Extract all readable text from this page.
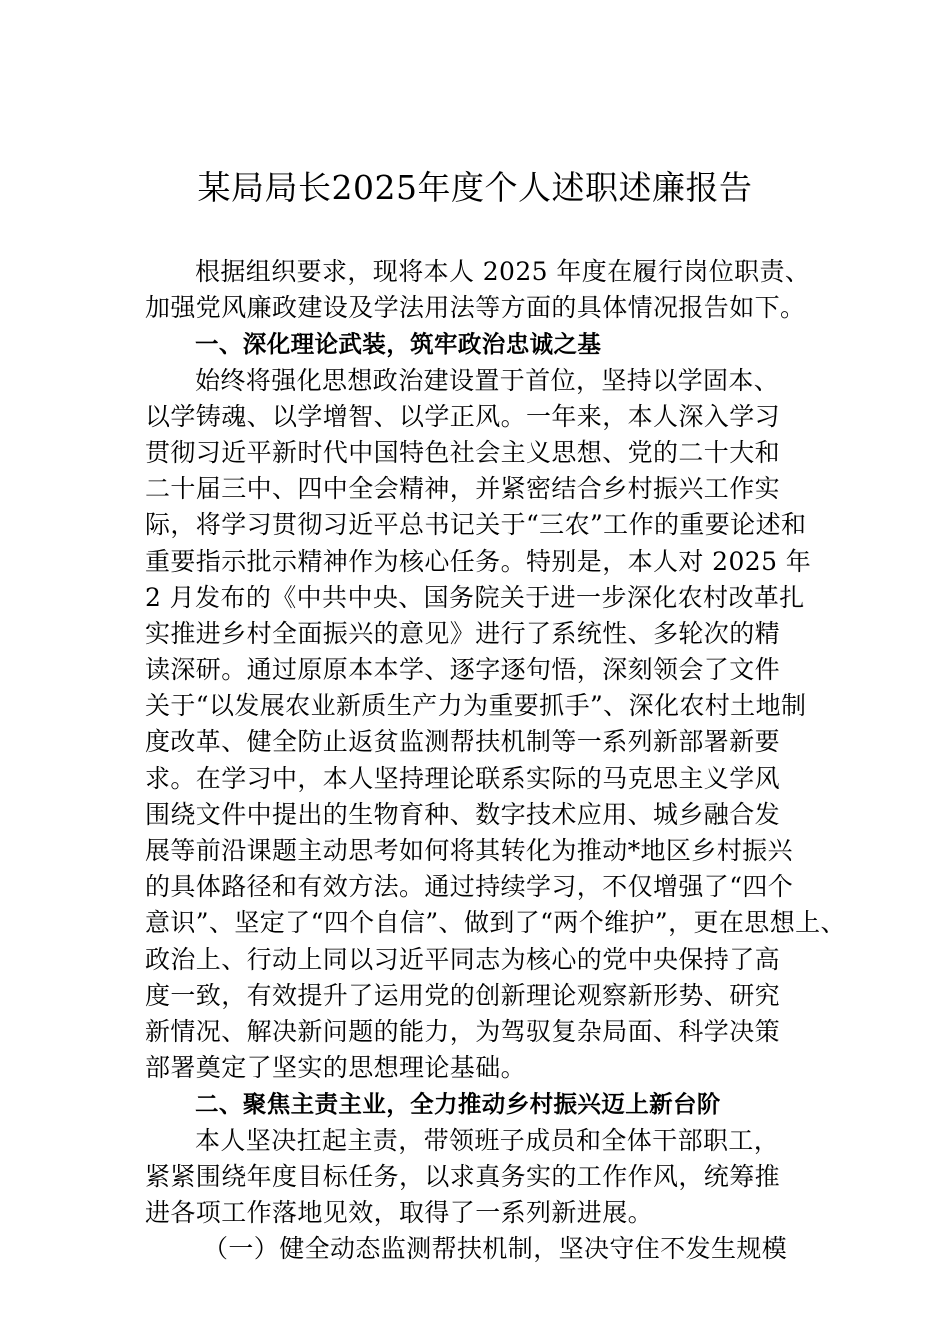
某局局长2025年度个人述职述廉报告
根据组织要求，现将本人 2025 年度在履行岗位职责、
加强党风廉政建设及学法用法等方面的具体情况报告如下。
一、深化理论武装，筑牢政治忠诚之基
始终将强化思想政治建设置于首位，坚持以学固本、
以学铸魂、以学增智、以学正风。一年来，本人深入学习
贯彻习近平新时代中国特色社会主义思想、党的二十大和
二十届三中、四中全会精神，并紧密结合乡村振兴工作实
际，将学习贯彻习近平总书记关于“三农”工作的重要论述和
重要指示批示精神作为核心任务。特别是，本人对 2025 年
2 月发布的《中共中央、国务院关于进一步深化农村改革扎
实推进乡村全面振兴的意见》进行了系统性、多轮次的精
读深研。通过原原本本学、逐字逐句悟，深刻领会了文件
关于“以发展农业新质生产力为重要抓手”、深化农村土地制
度改革、健全防止返贫监测帮扶机制等一系列新部署新要
求。在学习中，本人坚持理论联系实际的马克思主义学风
围绕文件中提出的生物育种、数字技术应用、城乡融合发
展等前沿课题主动思考如何将其转化为推动*地区乡村振兴
的具体路径和有效方法。通过持续学习，不仅增强了“四个
意识”、坚定了“四个自信”、做到了“两个维护”，更在思想上、
政治上、行动上同以习近平同志为核心的党中央保持了高
度一致，有效提升了运用党的创新理论观察新形势、研究
新情况、解决新问题的能力，为驾驭复杂局面、科学决策
部署奠定了坚实的思想理论基础。
二、聚焦主责主业，全力推动乡村振兴迈上新台阶
本人坚决扛起主责，带领班子成员和全体干部职工，
紧紧围绕年度目标任务，以求真务实的工作作风，统筹推
进各项工作落地见效，取得了一系列新进展。
（一）健全动态监测帮扶机制，坚决守住不发生规模
